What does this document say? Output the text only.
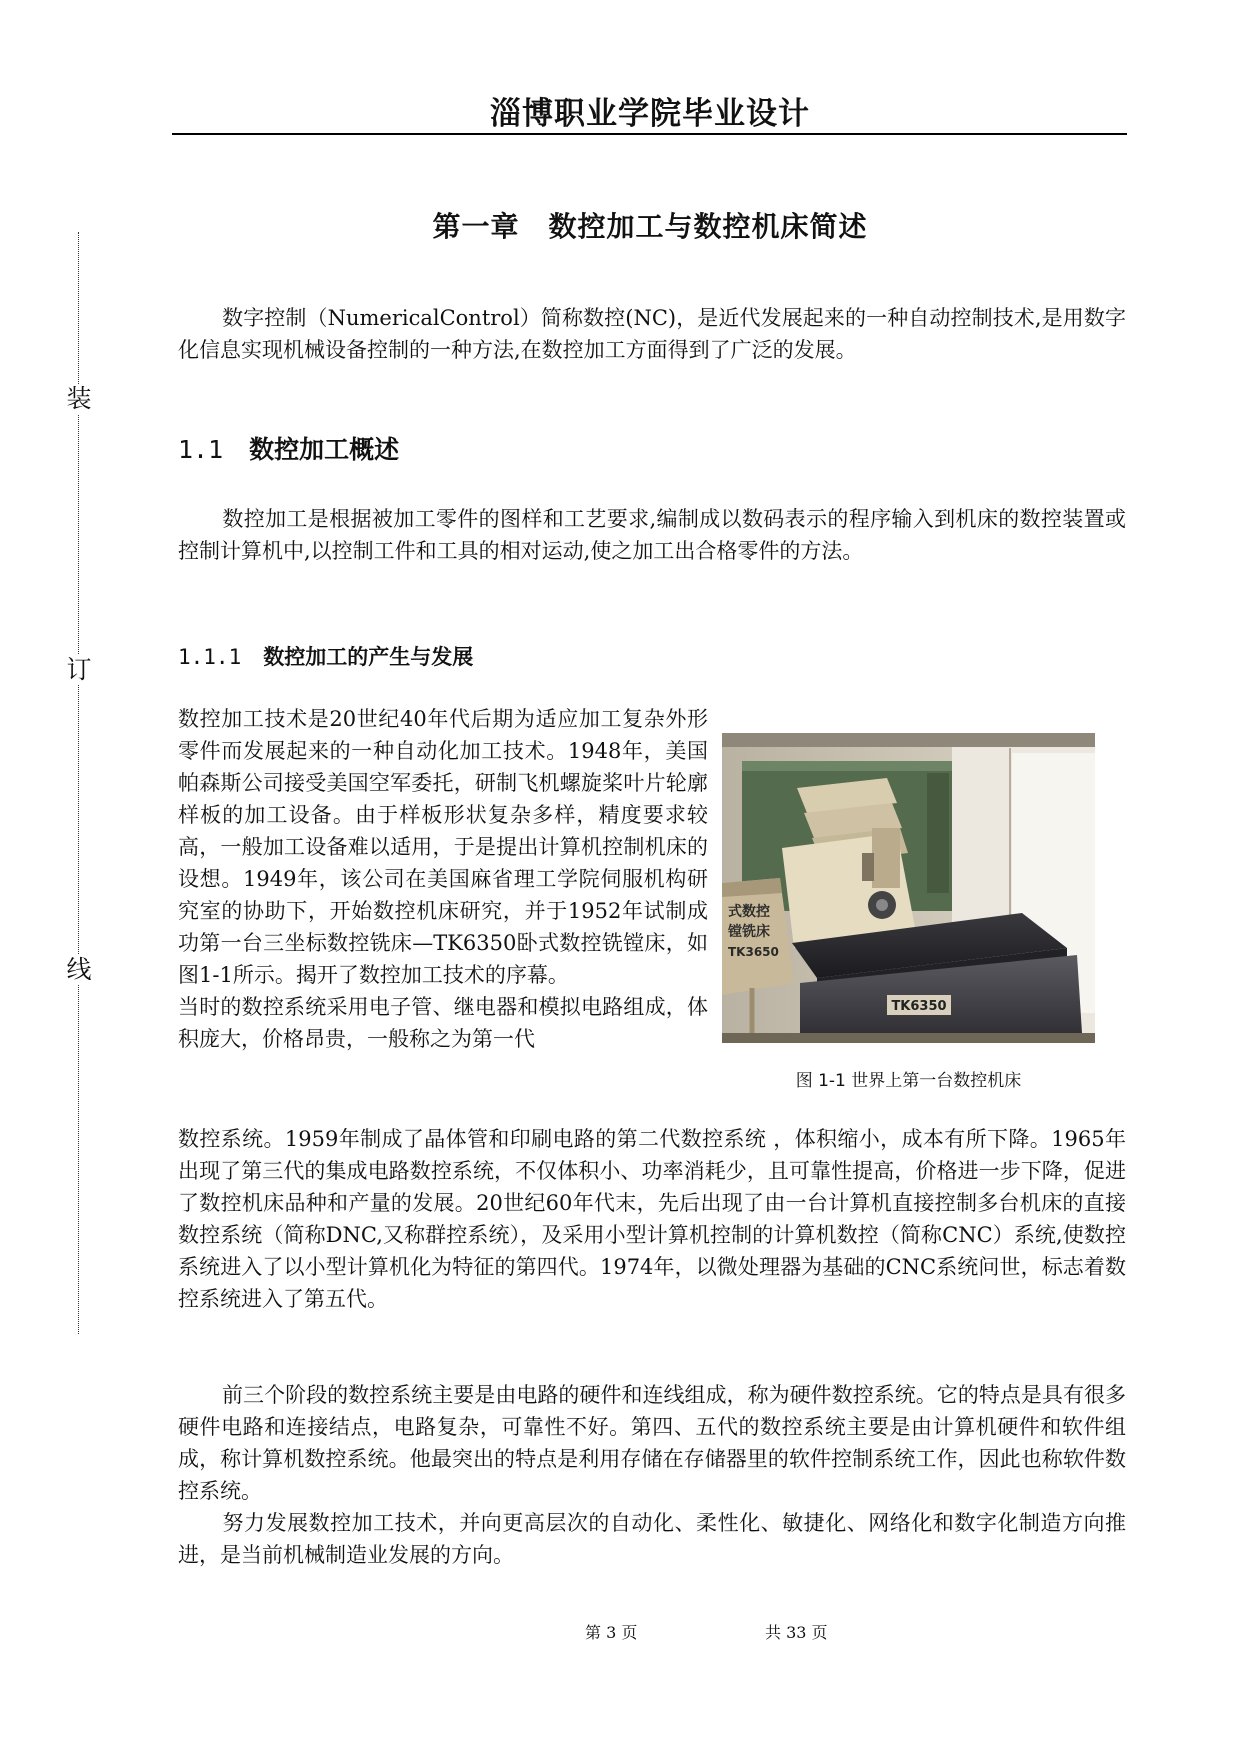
淄博职业学院毕业设计
装
订
线
第一章　数控加工与数控机床简述
数字控制（NumericalControl）简称数控(NC)，是近代发展起来的一种自动控制技术,是用数字化信息实现机械设备控制的一种方法,在数控加工方面得到了广泛的发展。
1.1 数控加工概述
数控加工是根据被加工零件的图样和工艺要求,编制成以数码表示的程序输入到机床的数控装置或控制计算机中,以控制工件和工具的相对运动,使之加工出合格零件的方法。
1.1.1 数控加工的产生与发展
数控加工技术是20世纪40年代后期为适应加工复杂外形零件而发展起来的一种自动化加工技术。1948年，美国帕森斯公司接受美国空军委托，研制飞机螺旋桨叶片轮廓样板的加工设备。由于样板形状复杂多样，精度要求较高，一般加工设备难以适用，于是提出计算机控制机床的设想。1949年，该公司在美国麻省理工学院伺服机构研究室的协助下，开始数控机床研究，并于1952年试制成功第一台三坐标数控铣床—TK6350卧式数控铣镗床，如图1-1所示。揭开了数控加工技术的序幕。
当时的数控系统采用电子管、继电器和模拟电路组成，体积庞大，价格昂贵，一般称之为第一代
式数控
镗铣床
TK3650
TK6350
图 1-1 世界上第一台数控机床
数控系统。1959年制成了晶体管和印刷电路的第二代数控系统 ，体积缩小，成本有所下降。1965年出现了第三代的集成电路数控系统，不仅体积小、功率消耗少，且可靠性提高，价格进一步下降，促进了数控机床品种和产量的发展。20世纪60年代末，先后出现了由一台计算机直接控制多台机床的直接数控系统（简称DNC,又称群控系统），及采用小型计算机控制的计算机数控（简称CNC）系统,使数控系统进入了以小型计算机化为特征的第四代。1974年，以微处理器为基础的CNC系统问世，标志着数控系统进入了第五代。
前三个阶段的数控系统主要是由电路的硬件和连线组成，称为硬件数控系统。它的特点是具有很多硬件电路和连接结点，电路复杂，可靠性不好。第四、五代的数控系统主要是由计算机硬件和软件组成，称计算机数控系统。他最突出的特点是利用存储在存储器里的软件控制系统工作，因此也称软件数控系统。
努力发展数控加工技术，并向更高层次的自动化、柔性化、敏捷化、网络化和数字化制造方向推进，是当前机械制造业发展的方向。
第 3 页	共 33 页
